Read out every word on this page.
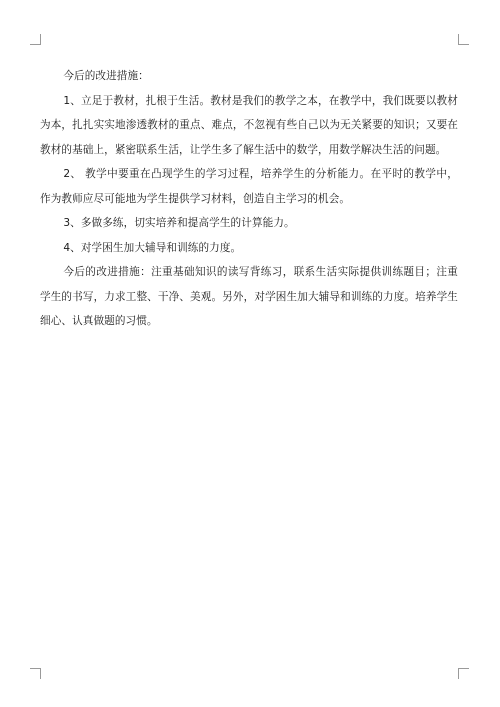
今后的改进措施：

1、立足于教材，扎根于生活。教材是我们的教学之本，在教学中，我们既要以教材为本，扎扎实实地渗透教材的重点、难点，不忽视有些自己以为无关紧要的知识；又要在教材的基础上，紧密联系生活，让学生多了解生活中的数学，用数学解决生活的问题。

2、 教学中要重在凸现学生的学习过程，培养学生的分析能力。在平时的教学中，作为教师应尽可能地为学生提供学习材料，创造自主学习的机会。

3、多做多练，切实培养和提高学生的计算能力。

4、对学困生加大辅导和训练的力度。

今后的改进措施：注重基础知识的读写背练习，联系生活实际提供训练题目；注重学生的书写，力求工整、干净、美观。另外，对学困生加大辅导和训练的力度。培养学生细心、认真做题的习惯。
